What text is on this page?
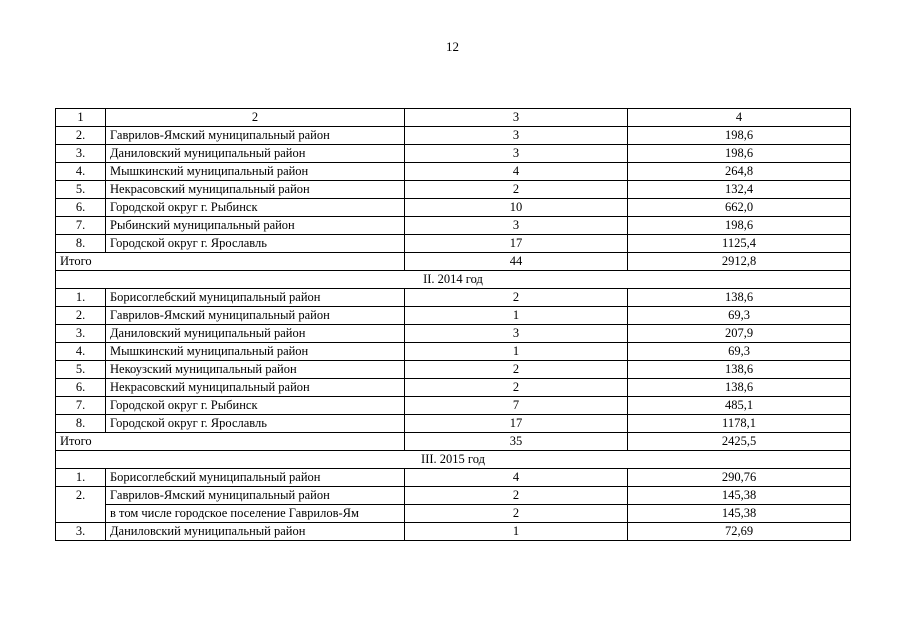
12
1	2	3	4
2.	Гаврилов-Ямский муниципальный район	3	198,6
3.	Даниловский муниципальный район	3	198,6
4.	Мышкинский муниципальный район	4	264,8
5.	Некрасовский муниципальный район	2	132,4
6.	Городской округ г. Рыбинск	10	662,0
7.	Рыбинский муниципальный район	3	198,6
8.	Городской округ г. Ярославль	17	1125,4
Итого		44	2912,8
II. 2014 год			
1.	Борисоглебский муниципальный район	2	138,6
2.	Гаврилов-Ямский муниципальный район	1	69,3
3.	Даниловский муниципальный район	3	207,9
4.	Мышкинский муниципальный район	1	69,3
5.	Некоузский муниципальный район	2	138,6
6.	Некрасовский муниципальный район	2	138,6
7.	Городской округ г. Рыбинск	7	485,1
8.	Городской округ г. Ярославль	17	1178,1
Итого		35	2425,5
III. 2015 год			
1.	Борисоглебский муниципальный район	4	290,76
2.	Гаврилов-Ямский муниципальный район	2	145,38
	в том числе городское поселение Гаврилов-Ям	2	145,38
3.	Даниловский муниципальный район	1	72,69
